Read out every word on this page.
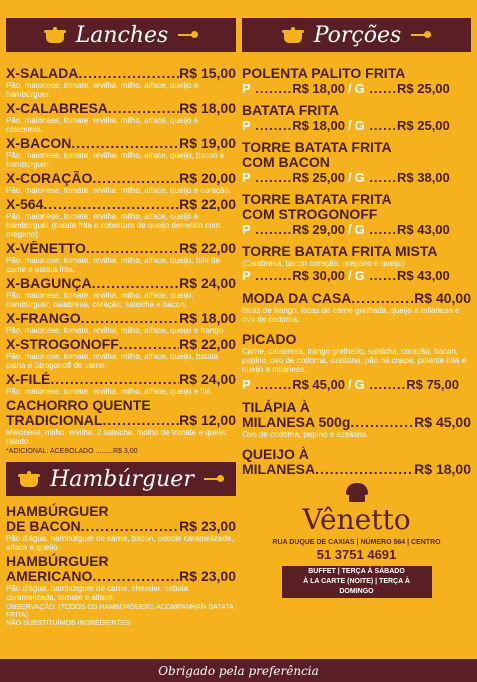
Lanches
X-SALADA .....	R$ 15,00
Pão, maionese, tomate, ervilha, milho, alface, queijo e hambúrguer.
X-CALABRESA .....	R$ 18,00
Pão, maionese, tomate, ervilha, milho, alface, queijo e calabresa.
X-BACON .....	R$ 19,00
Pão, maionese, tomate, ervilha, milho, alface, queijo, bacon e hambúrguer.
X-CORAÇÃO .....	R$ 20,00
Pão, maionese, tomate, ervilha, milho, alface, queijo e coração.
X-564 .....	R$ 22,00
Pão, maionese, tomate, ervilha, milho, alface, queijo e hambúrguer (batata frita e cobertura de queijo derretido com orégano).
X-VÊNETTO .....	R$ 22,00
Pão, maionese, tomate, ervilha, milho, alface, queijo, bife de carne e batata frita.
X-BAGUNÇA .....	R$ 24,00
Pão, maionese, tomate, ervilha, milho, alface, queijo, hambúrguer, calabresa, coração, salsicha e bacon.
X-FRANGO .....	R$ 18,00
Pão, maionese, tomate, ervilha, milho, alface, queijo e frango.
X-STROGONOFF .....	R$ 22,00
Pão, maionese, tomate, ervilha, milho, alface, queijo, batata palha e Strogonoff de carne.
X-FILÉ .....	R$ 24,00
Pão, maionese, tomate, ervilha, milho, alface, queijo e filé.
CACHORRO QUENTE
TRADICIONAL .....	R$ 12,00
Maionese, milho, ervilha, 2 salsicha, molho de tomate e queijo ralado.
*ADICIONAL: ACEBOLADO .........R$ 3,00
Hambúrguer
HAMBÚRGUER
DE BACON .....	R$ 23,00
Pão d'água, hambúrguer de carne, bacon, cebola caramelizada, alface e queijo.
HAMBÚRGUER
AMERICANO .....	R$ 23,00
Pão d'água, hambúrguer de carne, cheeder, cebola caramelizada, tomate e alface.
OBSERVAÇÃO: (TODOS OS HAMBÚRGUERS ACOMPANHAM BATATA FRITA)
NÃO SUBSTITUÍMOS INGREDIENTES
Porções
POLENTA PALITO FRITA
P ........ R$ 18,00 / G ...... R$ 25,00
BATATA FRITA
P ........ R$ 18,00 / G ...... R$ 25,00
TORRE BATATA FRITA
COM BACON
P ........ R$ 25,00 / G ...... R$ 38,00
TORRE BATATA FRITA
COM STROGONOFF
P ........ R$ 29,00 / G ...... R$ 43,00
TORRE BATATA FRITA MISTA
(Calabresa, bacon coração, orégano e queijo)
P ........ R$ 30,00 / G ...... R$ 43,00
MODA DA CASA .....	R$ 40,00
Iscas de frango, iscas de carne grelhada, queijo a milanesa e ovo de codorna.
PICADO
Carne, calabresa, frango grelhado, salsicha, coração, bacon, pepino, ovo de codorna, azeitona, pão na chapa, polenta frita e queijo a milanesa.
P ........ R$ 45,00 / G ........ R$ 75,00
TILÁPIA À
MILANESA 500g .....	R$ 45,00
Ovo de codorna, pepino e azeitona.
QUEIJO À
MILANESA .....	R$ 18,00
Vênetto
RUA DUQUE DE CAXIAS | NÚMERO 564 | CENTRO
51 3751 4691
BUFFET | TERÇA À SÁBADO
À LA CARTE (NOITE) | TERÇA À DOMINGO
Obrigado pela preferência
